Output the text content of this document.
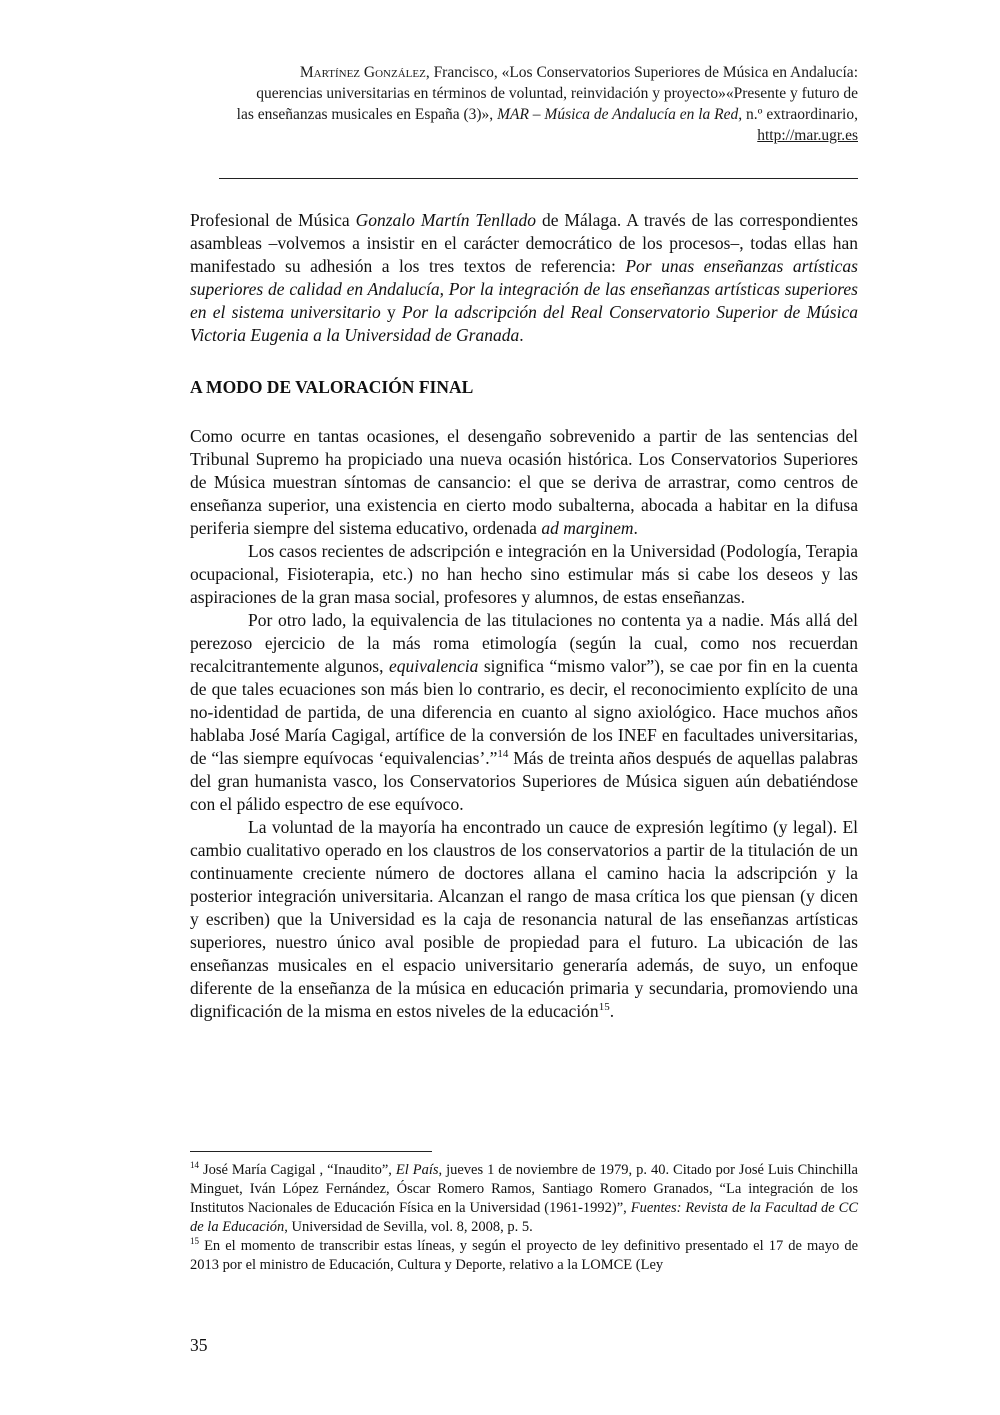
Martínez González, Francisco, «Los Conservatorios Superiores de Música en Andalucía:
querencias universitarias en términos de voluntad, reinvidación y proyecto»«Presente y futuro de
las enseñanzas musicales en España (3)», MAR – Música de Andalucía en la Red, n.º extraordinario,
http://mar.ugr.es

Profesional de Música Gonzalo Martín Tenllado de Málaga. A través de las correspondientes asambleas –volvemos a insistir en el carácter democrático de los procesos–, todas ellas han manifestado su adhesión a los tres textos de referencia: Por unas enseñanzas artísticas superiores de calidad en Andalucía, Por la integración de las enseñanzas artísticas superiores en el sistema universitario y Por la adscripción del Real Conservatorio Superior de Música Victoria Eugenia a la Universidad de Granada.

A MODO DE VALORACIÓN FINAL

Como ocurre en tantas ocasiones, el desengaño sobrevenido a partir de las sentencias del Tribunal Supremo ha propiciado una nueva ocasión histórica. Los Conservatorios Superiores de Música muestran síntomas de cansancio: el que se deriva de arrastrar, como centros de enseñanza superior, una existencia en cierto modo subalterna, abocada a habitar en la difusa periferia siempre del sistema educativo, ordenada ad marginem.

Los casos recientes de adscripción e integración en la Universidad (Podología, Terapia ocupacional, Fisioterapia, etc.) no han hecho sino estimular más si cabe los deseos y las aspiraciones de la gran masa social, profesores y alumnos, de estas enseñanzas.

Por otro lado, la equivalencia de las titulaciones no contenta ya a nadie. Más allá del perezoso ejercicio de la más roma etimología (según la cual, como nos recuerdan recalcitrantemente algunos, equivalencia significa “mismo valor”), se cae por fin en la cuenta de que tales ecuaciones son más bien lo contrario, es decir, el reconocimiento explícito de una no-identidad de partida, de una diferencia en cuanto al signo axiológico. Hace muchos años hablaba José María Cagigal, artífice de la conversión de los INEF en facultades universitarias, de “las siempre equívocas ‘equivalencias’.”$^{14}$ Más de treinta años después de aquellas palabras del gran humanista vasco, los Conservatorios Superiores de Música siguen aún debatiéndose con el pálido espectro de ese equívoco.

La voluntad de la mayoría ha encontrado un cauce de expresión legítimo (y legal). El cambio cualitativo operado en los claustros de los conservatorios a partir de la titulación de un continuamente creciente número de doctores allana el camino hacia la adscripción y la posterior integración universitaria. Alcanzan el rango de masa crítica los que piensan (y dicen y escriben) que la Universidad es la caja de resonancia natural de las enseñanzas artísticas superiores, nuestro único aval posible de propiedad para el futuro. La ubicación de las enseñanzas musicales en el espacio universitario generaría además, de suyo, un enfoque diferente de la enseñanza de la música en educación primaria y secundaria, promoviendo una dignificación de la misma en estos niveles de la educación$^{15}$.

$^{14}$ José María Cagigal , “Inaudito”, El País, jueves 1 de noviembre de 1979, p. 40. Citado por José Luis Chinchilla Minguet, Iván López Fernández, Óscar Romero Ramos, Santiago Romero Granados, “La integración de los Institutos Nacionales de Educación Física en la Universidad (1961-1992)”, Fuentes: Revista de la Facultad de CC de la Educación, Universidad de Sevilla, vol. 8, 2008, p. 5.

$^{15}$ En el momento de transcribir estas líneas, y según el proyecto de ley definitivo presentado el 17 de mayo de 2013 por el ministro de Educación, Cultura y Deporte, relativo a la LOMCE (Ley

35
